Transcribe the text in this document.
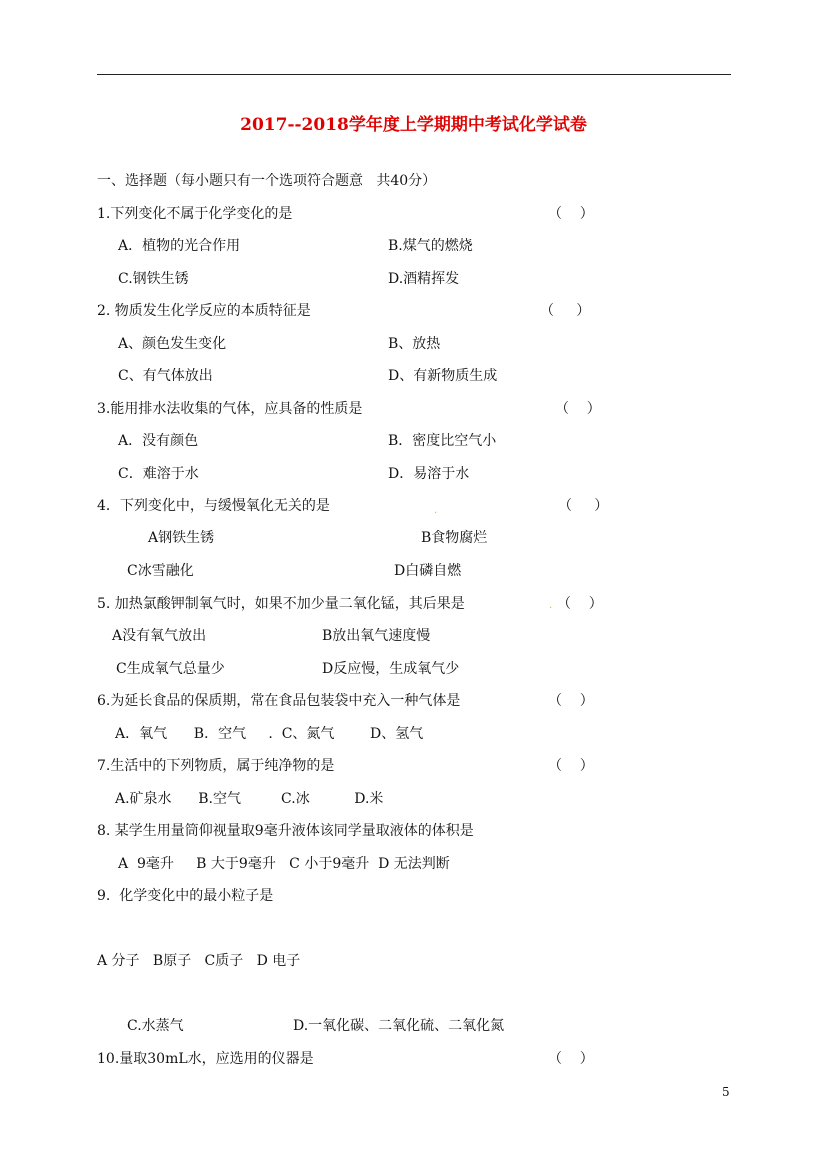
2017--2018学年度上学期期中考试化学试卷
一、选择题（每小题只有一个选项符合题意   共40分）
1.下列变化不属于化学变化的是	（    ）
A．植物的光合作用	B.煤气的燃烧
C.钢铁生锈	D.酒精挥发
2. 物质发生化学反应的本质特征是	（     ）
A、颜色发生变化	B、放热
C、有气体放出	D、有新物质生成
3.能用排水法收集的气体，应具备的性质是	（    ）
A．没有颜色	B．密度比空气小
C．难溶于水	D．易溶于水
4．下列变化中，与缓慢氧化无关的是	.	（     ）
A钢铁生锈	B食物腐烂
C冰雪融化	D白磷自燃
5. 加热氯酸钾制氧气时，如果不加少量二氧化锰，其后果是	. （    ）
A没有氧气放出	B放出氧气速度慢
C生成氧气总量少	D反应慢，生成氧气少
6.为延长食品的保质期，常在食品包装袋中充入一种气体是	（    ）
A．氧气      B．空气     .  C、氮气        D、氢气
7.生活中的下列物质，属于纯净物的是	（    ）
A.矿泉水      B.空气         C.冰          D.米
8. 某学生用量筒仰视量取9毫升液体该同学量取液体的体积是
A  9毫升     B 大于9毫升   C 小于9毫升  D 无法判断
9.  化学变化中的最小粒子是
A 分子   B原子   C质子   D 电子
C.水蒸气	D.一氧化碳、二氧化硫、二氧化氮
10.量取30mL水，应选用的仪器是	（    ）
5
